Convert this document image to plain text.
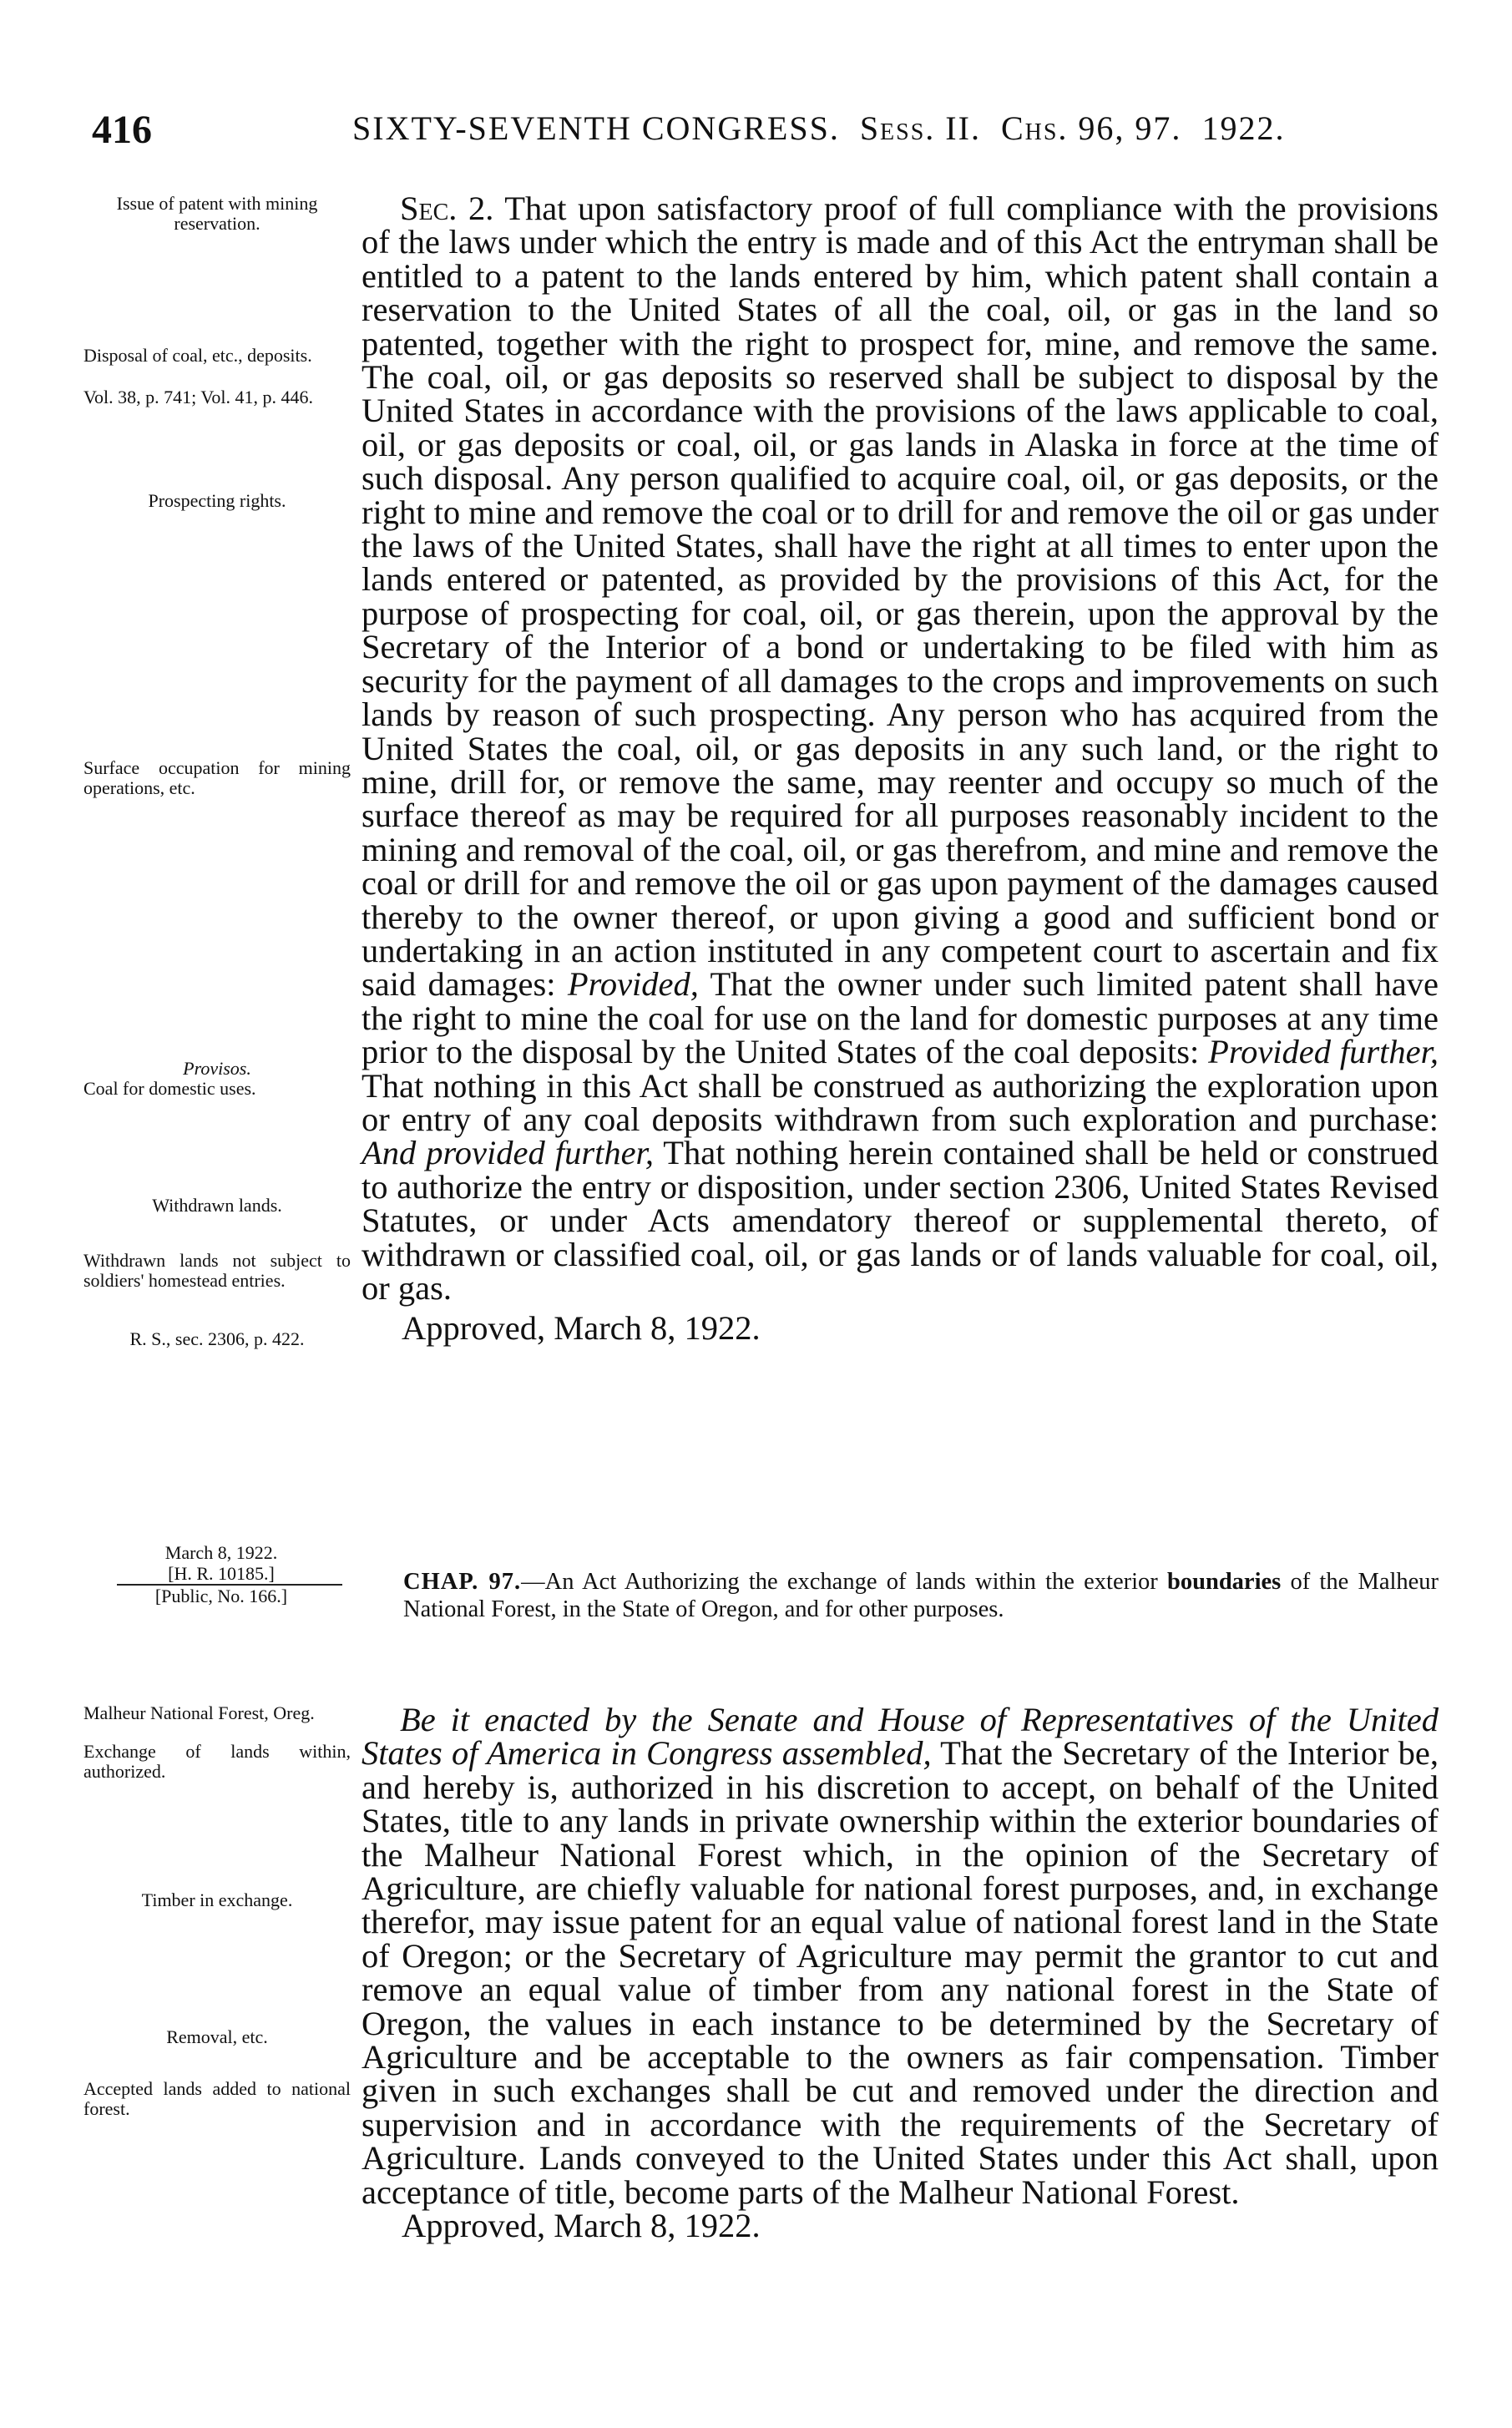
416	SIXTY-SEVENTH CONGRESS. Sess. II. Chs. 96, 97. 1922.
Issue of patent with mining reservation.
Disposal of coal, etc., deposits.
Vol. 38, p. 741; Vol. 41, p. 446.
Prospecting rights.
Surface occupation for mining operations, etc.
Provisos.
Coal for domestic uses.
Withdrawn lands.
Withdrawn lands not subject to soldiers' homestead entries.
R. S., sec. 2306, p. 422.

Sec. 2. That upon satisfactory proof of full compliance with the provisions of the laws under which the entry is made and of this Act the entryman shall be entitled to a patent to the lands entered by him, which patent shall contain a reservation to the United States of all the coal, oil, or gas in the land so patented, together with the right to prospect for, mine, and remove the same. The coal, oil, or gas deposits so reserved shall be subject to disposal by the United States in accordance with the provisions of the laws applicable to coal, oil, or gas deposits or coal, oil, or gas lands in Alaska in force at the time of such disposal. Any person qualified to acquire coal, oil, or gas deposits, or the right to mine and remove the coal or to drill for and remove the oil or gas under the laws of the United States, shall have the right at all times to enter upon the lands entered or patented, as provided by the provisions of this Act, for the purpose of prospecting for coal, oil, or gas therein, upon the approval by the Secretary of the Interior of a bond or undertaking to be filed with him as security for the payment of all damages to the crops and improvements on such lands by reason of such prospecting. Any person who has acquired from the United States the coal, oil, or gas deposits in any such land, or the right to mine, drill for, or remove the same, may reenter and occupy so much of the surface thereof as may be required for all purposes reasonably incident to the mining and removal of the coal, oil, or gas therefrom, and mine and remove the coal or drill for and remove the oil or gas upon payment of the damages caused thereby to the owner thereof, or upon giving a good and sufficient bond or undertaking in an action instituted in any competent court to ascertain and fix said damages: Provided, That the owner under such limited patent shall have the right to mine the coal for use on the land for domestic purposes at any time prior to the disposal by the United States of the coal deposits: Provided further, That nothing in this Act shall be construed as authorizing the exploration upon or entry of any coal deposits withdrawn from such exploration and purchase: And provided further, That nothing herein contained shall be held or construed to authorize the entry or disposition, under section 2306, United States Revised Statutes, or under Acts amendatory thereof or supplemental thereto, of withdrawn or classified coal, oil, or gas lands or of lands valuable for coal, oil, or gas.

Approved, March 8, 1922.

March 8, 1922.
[H. R. 10185.]
[Public, No. 166.]
CHAP. 97.—An Act Authorizing the exchange of lands within the exterior boundaries of the Malheur National Forest, in the State of Oregon, and for other purposes.
Malheur National Forest, Oreg.
Exchange of lands within, authorized.
Timber in exchange.
Removal, etc.
Accepted lands added to national forest.

Be it enacted by the Senate and House of Representatives of the United States of America in Congress assembled, That the Secretary of the Interior be, and hereby is, authorized in his discretion to accept, on behalf of the United States, title to any lands in private ownership within the exterior boundaries of the Malheur National Forest which, in the opinion of the Secretary of Agriculture, are chiefly valuable for national forest purposes, and, in exchange therefor, may issue patent for an equal value of national forest land in the State of Oregon; or the Secretary of Agriculture may permit the grantor to cut and remove an equal value of timber from any national forest in the State of Oregon, the values in each instance to be determined by the Secretary of Agriculture and be acceptable to the owners as fair compensation. Timber given in such exchanges shall be cut and removed under the direction and supervision and in accordance with the requirements of the Secretary of Agriculture. Lands conveyed to the United States under this Act shall, upon acceptance of title, become parts of the Malheur National Forest.

Approved, March 8, 1922.
